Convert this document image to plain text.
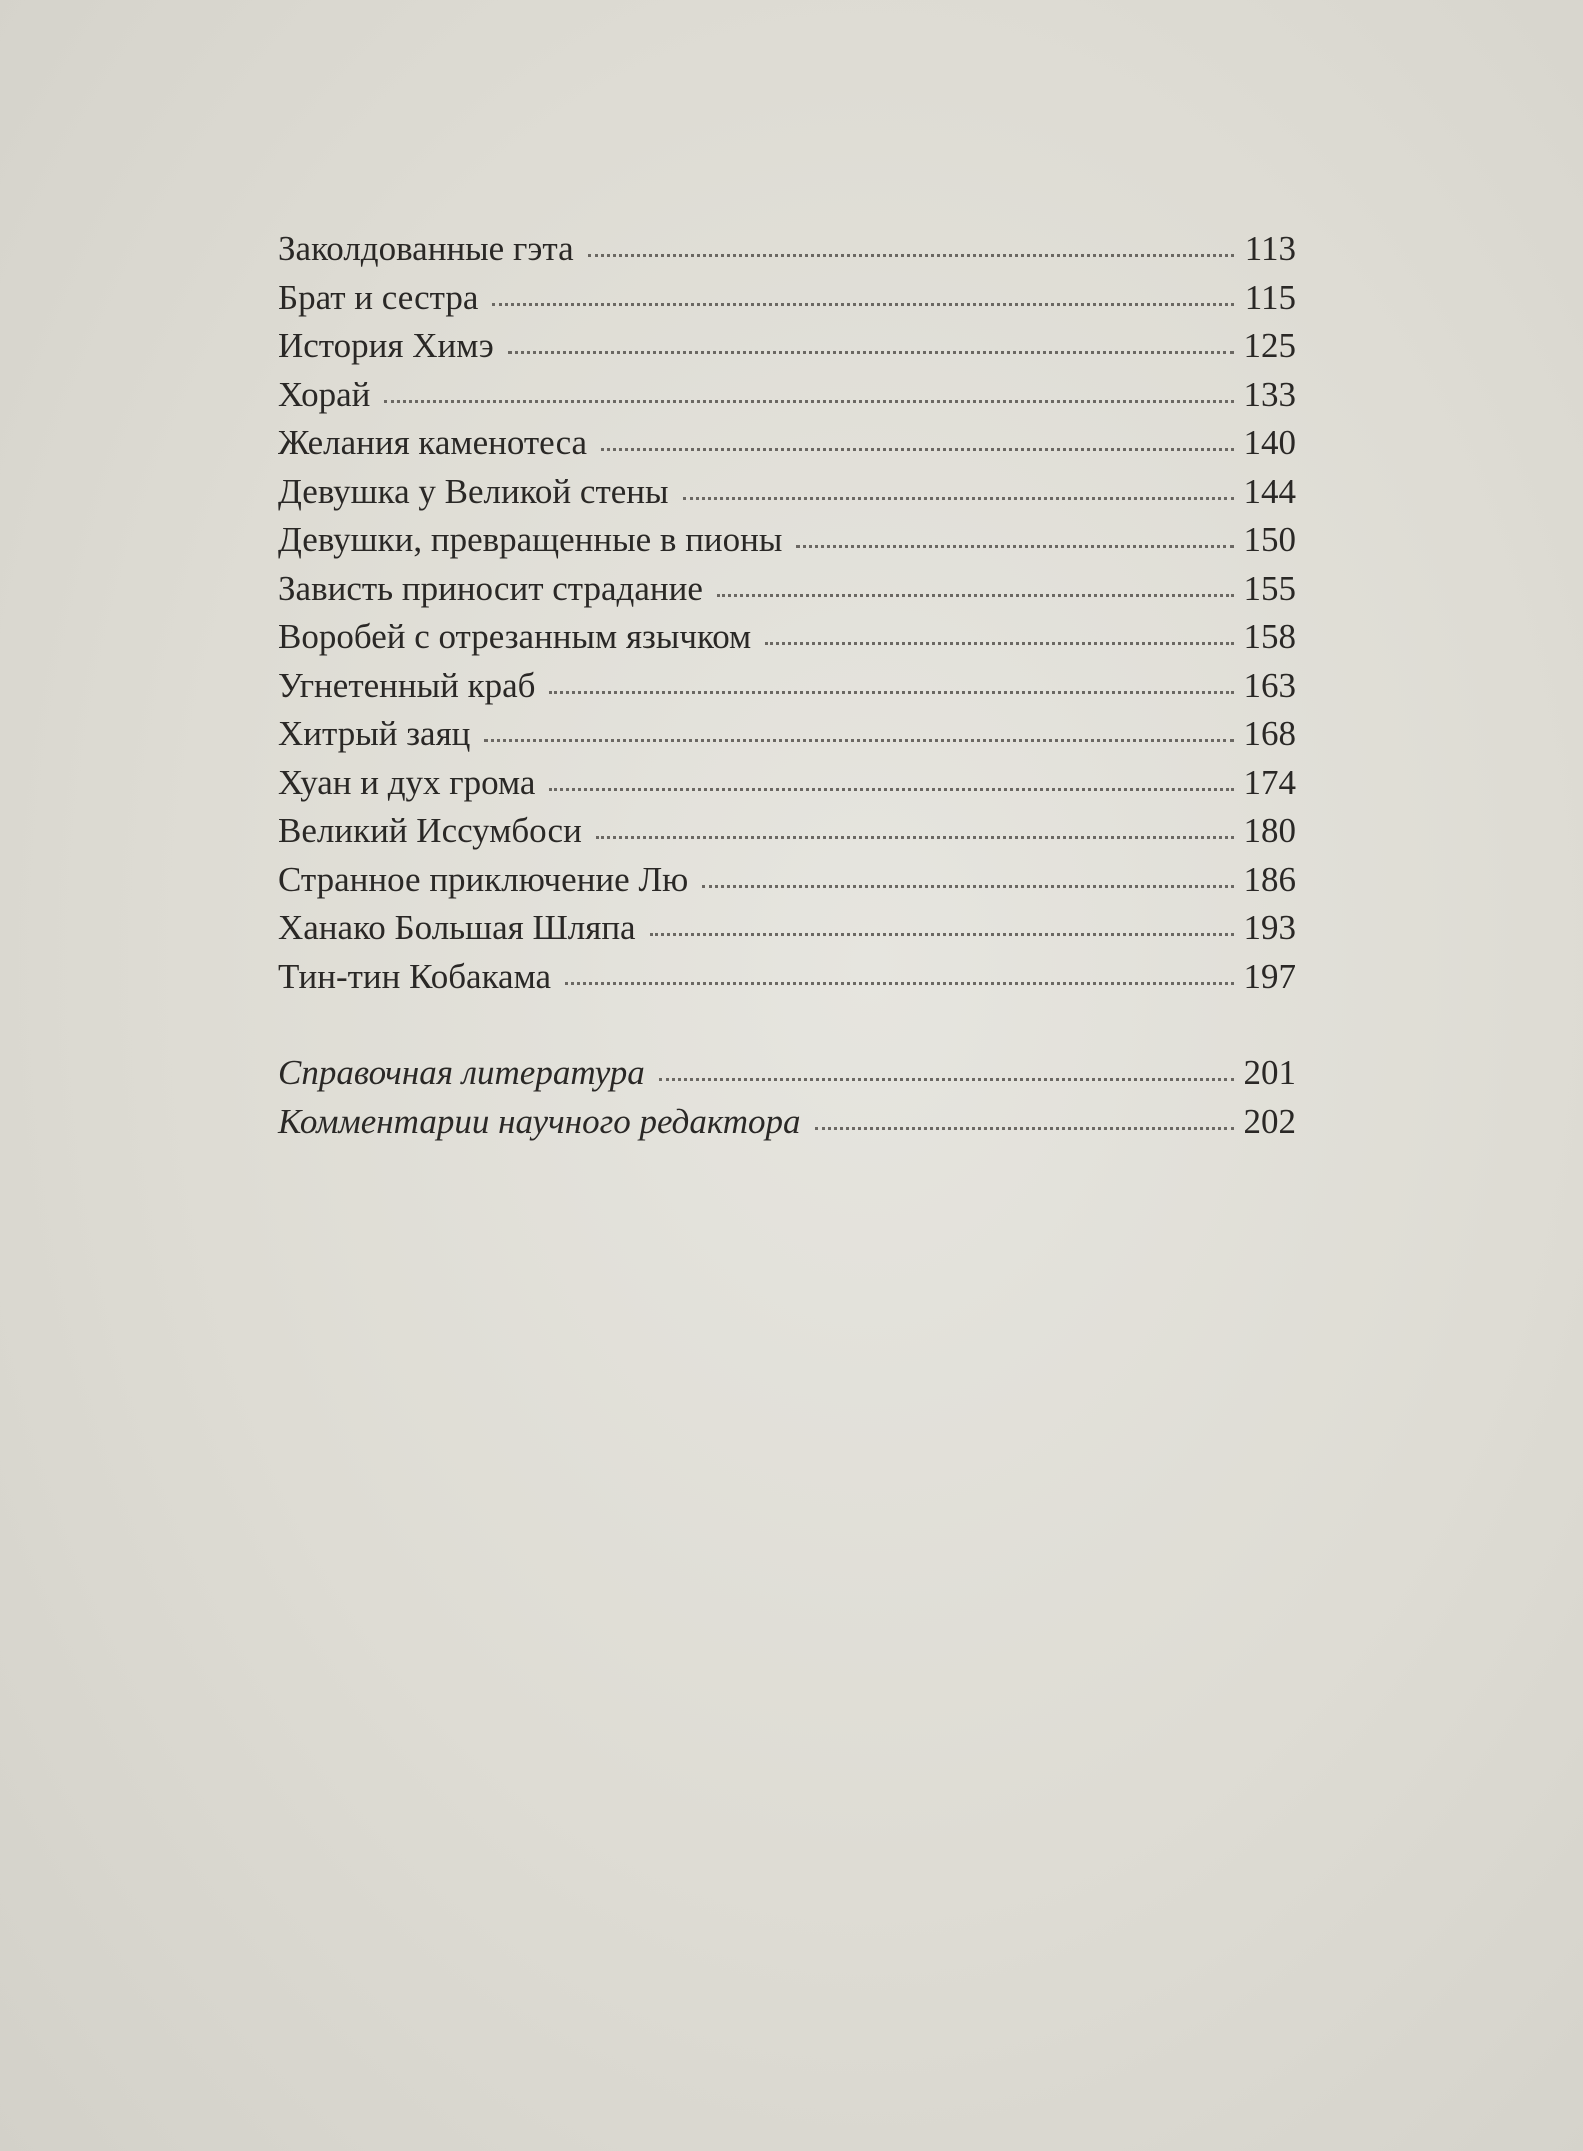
Заколдованные гэта	113
Брат и сестра	115
История Химэ	125
Хорай	133
Желания каменотеса	140
Девушка у Великой стены	144
Девушки, превращенные в пионы	150
Зависть приносит страдание	155
Воробей с отрезанным язычком	158
Угнетенный краб	163
Хитрый заяц	168
Хуан и дух грома	174
Великий Иссумбоси	180
Странное приключение Лю	186
Ханако Большая Шляпа	193
Тин-тин Кобакама	197
Справочная литература	201
Комментарии научного редактора	202
